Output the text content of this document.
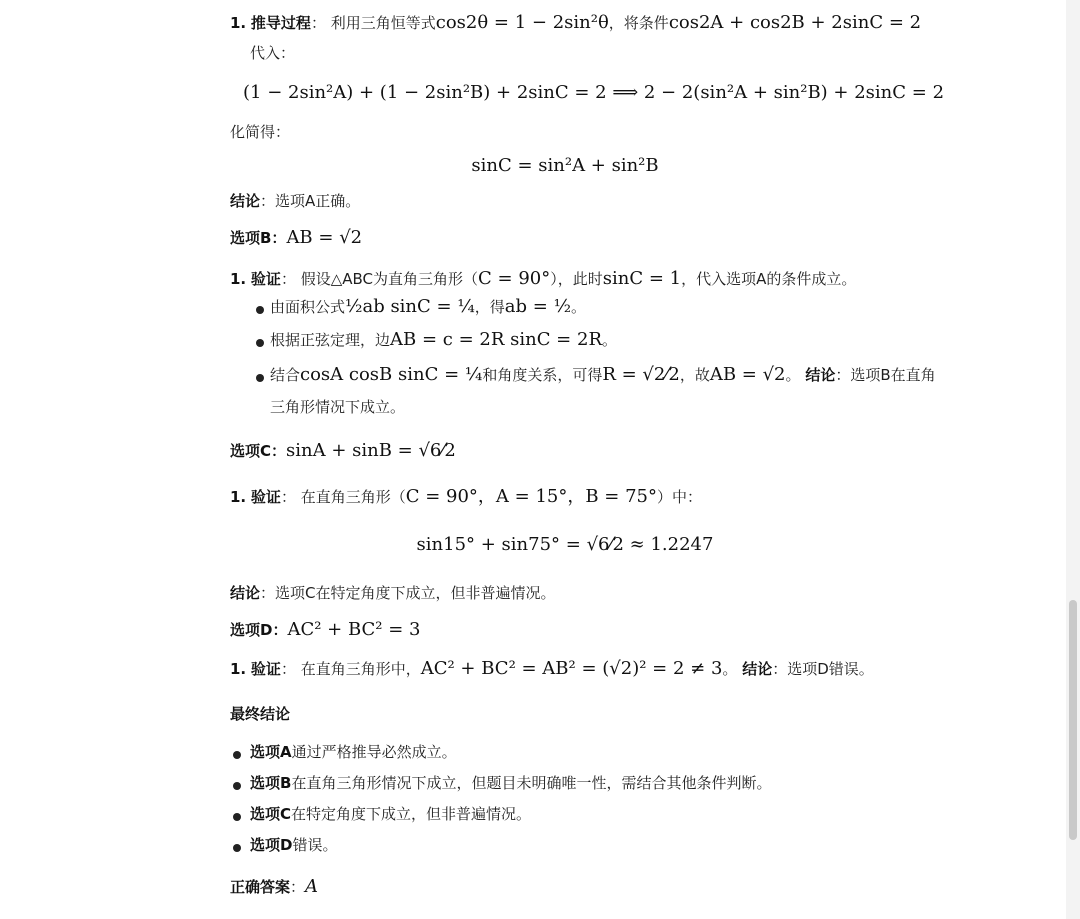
1. 推导过程： 利用三角恒等式cos2θ = 1 − 2sin²θ，将条件cos2A + cos2B + 2sinC = 2
代入：
(1 − 2sin²A) + (1 − 2sin²B) + 2sinC = 2 ⟹ 2 − 2(sin²A + sin²B) + 2sinC = 2
化简得：
sinC = sin²A + sin²B
结论：选项A正确。
选项B：AB = √2
1. 验证： 假设△ABC为直角三角形（C = 90°），此时sinC = 1，代入选项A的条件成立。
由面积公式½ab sinC = ¼，得ab = ½。
根据正弦定理，边AB = c = 2R sinC = 2R。
结合cosA cosB sinC = ¼和角度关系，可得R = √2⁄2，故AB = √2。 结论：选项B在直角
三角形情况下成立。
选项C：sinA + sinB = √6⁄2
1. 验证： 在直角三角形（C = 90°，A = 15°，B = 75°）中：
sin15° + sin75° = √6⁄2 ≈ 1.2247
结论：选项C在特定角度下成立，但非普遍情况。
选项D：AC² + BC² = 3
1. 验证： 在直角三角形中，AC² + BC² = AB² = (√2)² = 2 ≠ 3。 结论：选项D错误。
最终结论
选项A通过严格推导必然成立。
选项B在直角三角形情况下成立，但题目未明确唯一性，需结合其他条件判断。
选项C在特定角度下成立，但非普遍情况。
选项D错误。
正确答案：A
